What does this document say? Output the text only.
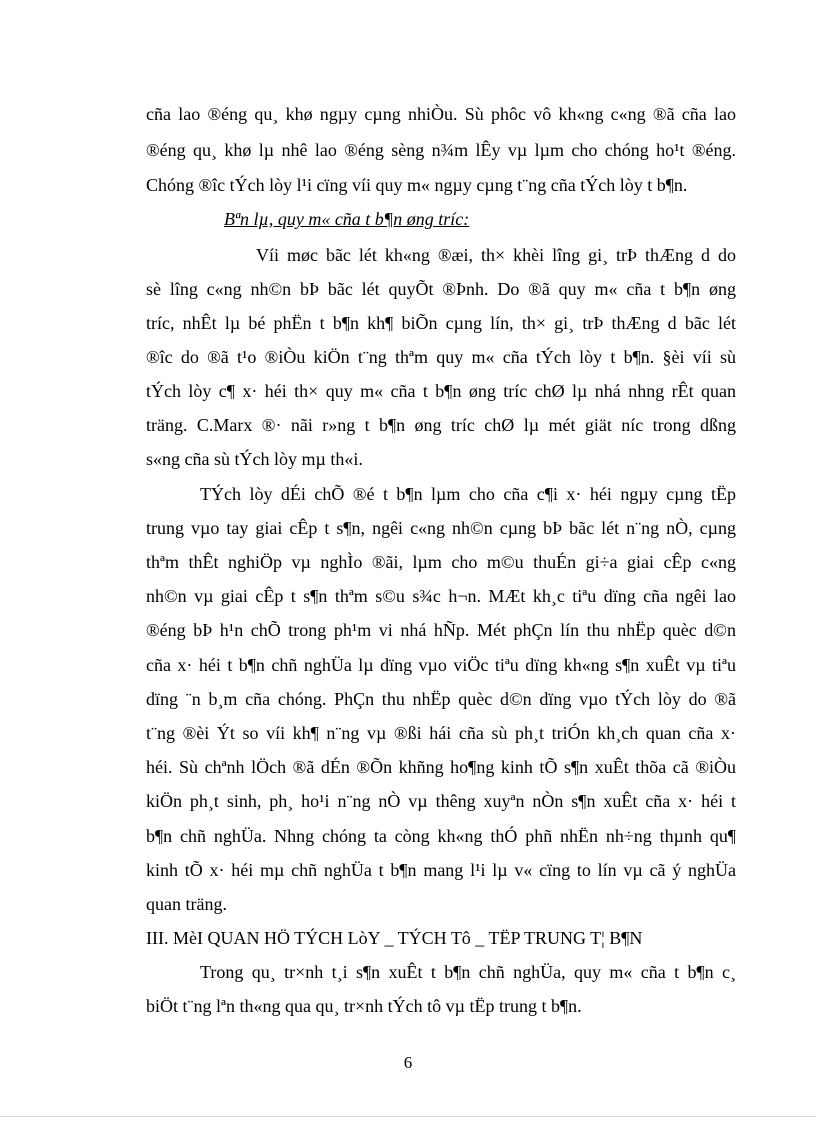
cña lao ®éng qu¸ khø ngµy cµng nhiÒu. Sù phôc vô kh«ng c«ng ®ã cña lao
®éng qu¸ khø lµ nhê lao ®éng sèng n¾m lÊy vµ lµm cho chóng ho¹t ®éng.
Chóng ®îc tÝch lòy l¹i cïng víi quy m« ngµy cµng t¨ng cña tÝch lòy t b¶n.
Bªn lµ, quy m« cña t b¶n øng tríc:
Víi møc bãc lét kh«ng ®æi, th× khèi lîng gi¸ trÞ thÆng d do
sè lîng c«ng nh©n bÞ bãc lét quyÕt ®Þnh. Do ®ã quy m« cña t b¶n øng
tríc, nhÊt lµ bé phËn t b¶n kh¶ biÕn cµng lín, th× gi¸ trÞ thÆng d bãc lét
®îc do ®ã t¹o ®iÒu kiÖn t¨ng thªm quy m« cña tÝch lòy t b¶n. §èi víi sù
tÝch lòy c¶ x· héi th× quy m« cña t b¶n øng tríc chØ lµ nhá nhng rÊt quan
träng. C.Marx ®· nãi r»ng t b¶n øng tríc chØ lµ mét giät níc trong dßng
s«ng cña sù tÝch lòy mµ th«i.
TÝch lòy dÉi chÕ ®é t b¶n lµm cho cña c¶i x· héi ngµy cµng tËp
trung vµo tay giai cÊp t s¶n, ngêi c«ng nh©n cµng bÞ bãc lét n¨ng nÒ, cµng
thªm thÊt nghiÖp vµ nghÌo ®ãi, lµm cho m©u thuÉn gi÷a giai cÊp c«ng
nh©n vµ giai cÊp t s¶n thªm s©u s¾c h¬n. MÆt kh¸c tiªu dïng cña ngêi lao
®éng bÞ h¹n chÕ trong ph¹m vi nhá hÑp. Mét phÇn lín thu nhËp quèc d©n
cña x· héi t b¶n chñ nghÜa lµ dïng vµo viÖc tiªu dïng kh«ng s¶n xuÊt vµ tiªu
dïng ¨n b¸m cña chóng. PhÇn thu nhËp quèc d©n dïng vµo tÝch lòy do ®ã
t¨ng ®èi Ýt so víi kh¶ n¨ng vµ ®ßi hái cña sù ph¸t triÓn kh¸ch quan cña x·
héi. Sù chªnh lÖch ®ã dÉn ®Õn khñng ho¶ng kinh tÕ s¶n xuÊt thõa cã ®iÒu
kiÖn ph¸t sinh, ph¸ ho¹i n¨ng nÒ vµ thêng xuyªn nÒn s¶n xuÊt cña x· héi t
b¶n chñ nghÜa. Nhng chóng ta còng kh«ng thÓ phñ nhËn nh÷ng thµnh qu¶
kinh tÕ x· héi mµ chñ nghÜa t b¶n mang l¹i lµ v« cïng to lín vµ cã ý nghÜa
quan träng.
III. MèI QUAN HÖ TÝCH LòY _ TÝCH Tô _ TËP TRUNG T¦ B¶N
Trong qu¸ tr×nh t¸i s¶n xuÊt t b¶n chñ nghÜa, quy m« cña t b¶n c¸
biÖt t¨ng lªn th«ng qua qu¸ tr×nh tÝch tô vµ tËp trung t b¶n.
6
